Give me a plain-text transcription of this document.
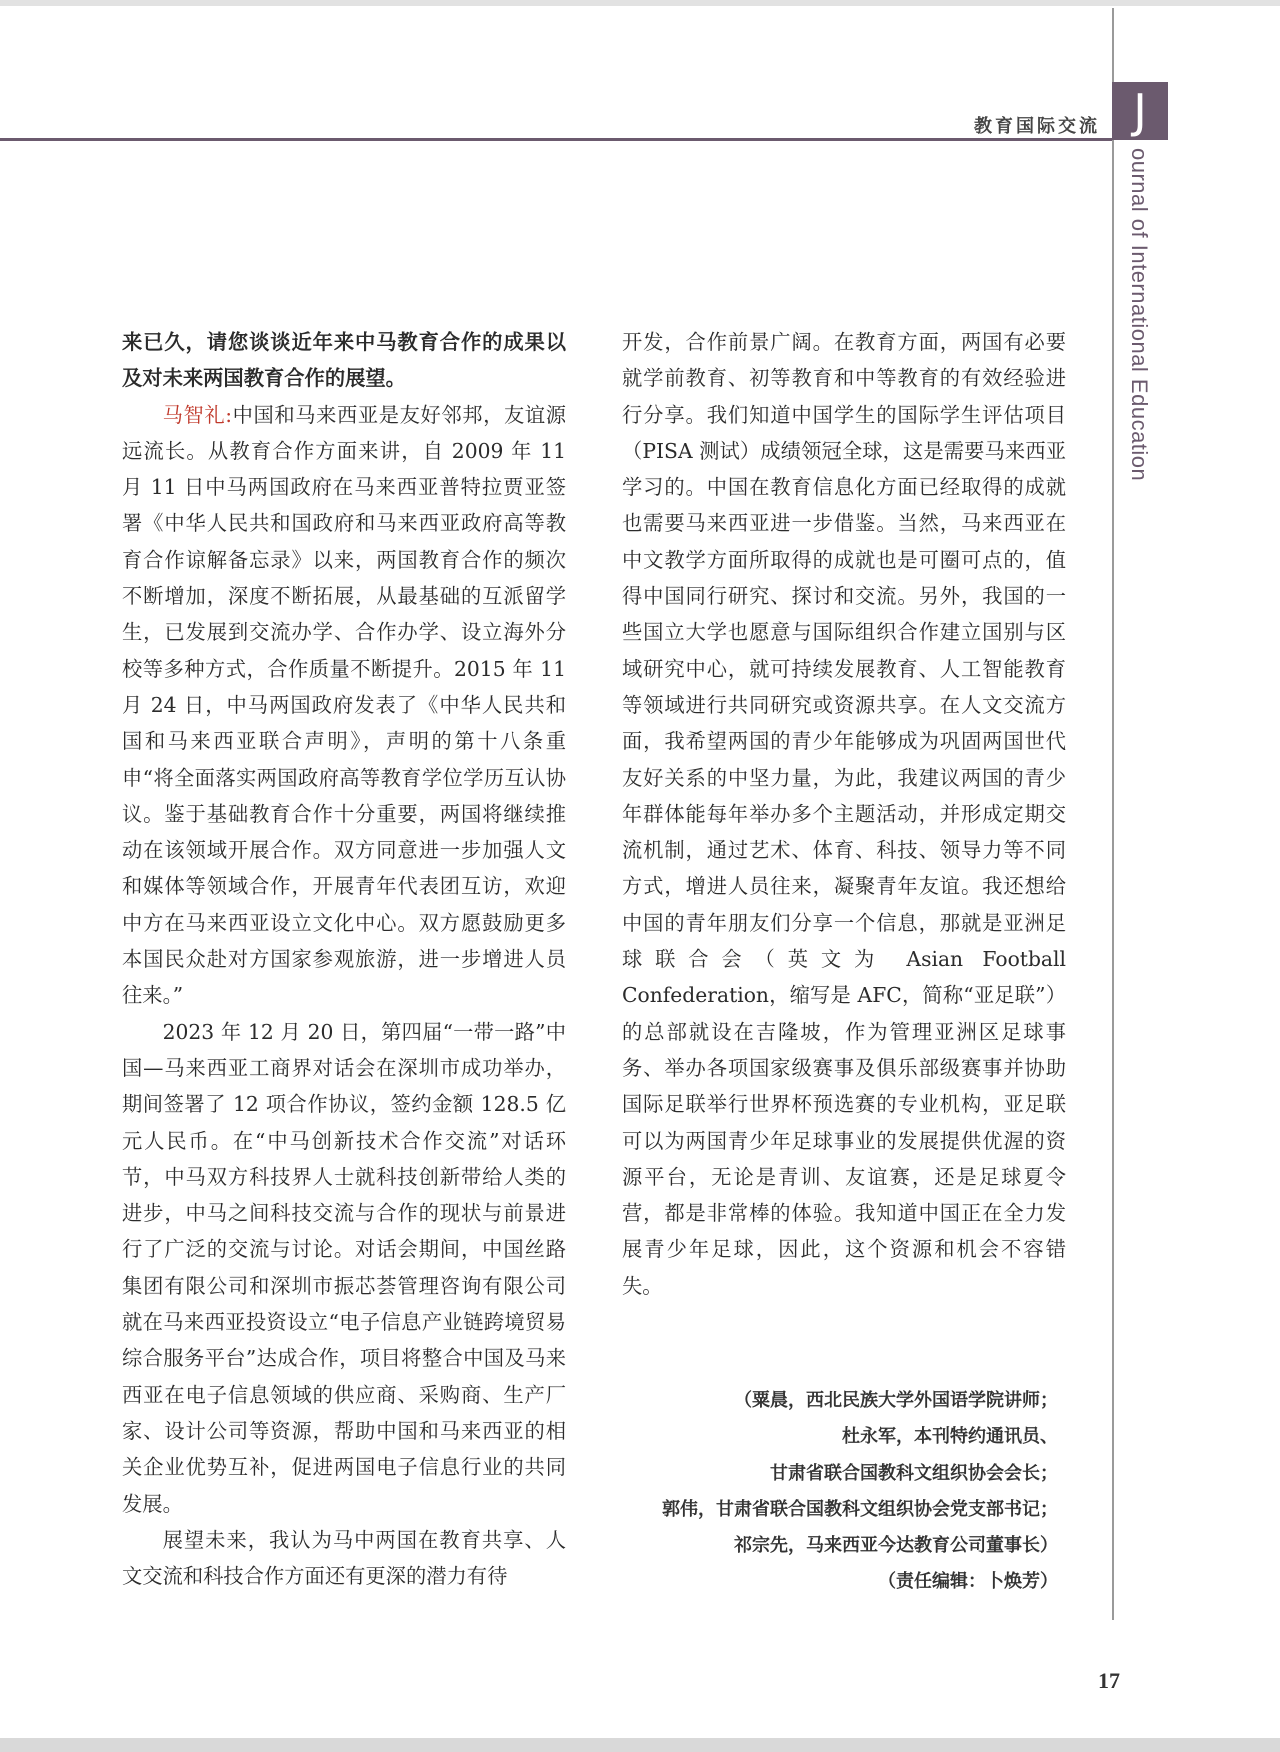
教育国际交流 J
ournal of International Education

来已久，请您谈谈近年来中马教育合作的成果以及对未来两国教育合作的展望。

马智礼:中国和马来西亚是友好邻邦，友谊源远流长。从教育合作方面来讲，自 2009 年 11 月 11 日中马两国政府在马来西亚普特拉贾亚签署《中华人民共和国政府和马来西亚政府高等教育合作谅解备忘录》以来，两国教育合作的频次不断增加，深度不断拓展，从最基础的互派留学生，已发展到交流办学、合作办学、设立海外分校等多种方式，合作质量不断提升。2015 年 11 月 24 日，中马两国政府发表了《中华人民共和国和马来西亚联合声明》，声明的第十八条重申“将全面落实两国政府高等教育学位学历互认协议。鉴于基础教育合作十分重要，两国将继续推动在该领域开展合作。双方同意进一步加强人文和媒体等领域合作，开展青年代表团互访，欢迎中方在马来西亚设立文化中心。双方愿鼓励更多本国民众赴对方国家参观旅游，进一步增进人员往来。”

2023 年 12 月 20 日，第四届“一带一路”中国—马来西亚工商界对话会在深圳市成功举办，期间签署了 12 项合作协议，签约金额 128.5 亿元人民币。在“中马创新技术合作交流”对话环节，中马双方科技界人士就科技创新带给人类的进步，中马之间科技交流与合作的现状与前景进行了广泛的交流与讨论。对话会期间，中国丝路集团有限公司和深圳市振芯荟管理咨询有限公司就在马来西亚投资设立“电子信息产业链跨境贸易综合服务平台”达成合作，项目将整合中国及马来西亚在电子信息领域的供应商、采购商、生产厂家、设计公司等资源，帮助中国和马来西亚的相关企业优势互补，促进两国电子信息行业的共同发展。

展望未来，我认为马中两国在教育共享、人文交流和科技合作方面还有更深的潜力有待

开发，合作前景广阔。在教育方面，两国有必要就学前教育、初等教育和中等教育的有效经验进行分享。我们知道中国学生的国际学生评估项目（PISA 测试）成绩领冠全球，这是需要马来西亚学习的。中国在教育信息化方面已经取得的成就也需要马来西亚进一步借鉴。当然，马来西亚在中文教学方面所取得的成就也是可圈可点的，值得中国同行研究、探讨和交流。另外，我国的一些国立大学也愿意与国际组织合作建立国别与区域研究中心，就可持续发展教育、人工智能教育等领域进行共同研究或资源共享。在人文交流方面，我希望两国的青少年能够成为巩固两国世代友好关系的中坚力量，为此，我建议两国的青少年群体能每年举办多个主题活动，并形成定期交流机制，通过艺术、体育、科技、领导力等不同方式，增进人员往来，凝聚青年友谊。我还想给中国的青年朋友们分享一个信息，那就是亚洲足球联合会（英文为 Asian Football Confederation，缩写是 AFC，简称“亚足联”）的总部就设在吉隆坡，作为管理亚洲区足球事务、举办各项国家级赛事及俱乐部级赛事并协助国际足联举行世界杯预选赛的专业机构，亚足联可以为两国青少年足球事业的发展提供优渥的资源平台，无论是青训、友谊赛，还是足球夏令营，都是非常棒的体验。我知道中国正在全力发展青少年足球，因此，这个资源和机会不容错失。

（粟晨，西北民族大学外国语学院讲师；
杜永军，本刊特约通讯员、
甘肃省联合国教科文组织协会会长；
郭伟，甘肃省联合国教科文组织协会党支部书记；
祁宗先，马来西亚今达教育公司董事长）
（责任编辑：卜焕芳）
17
